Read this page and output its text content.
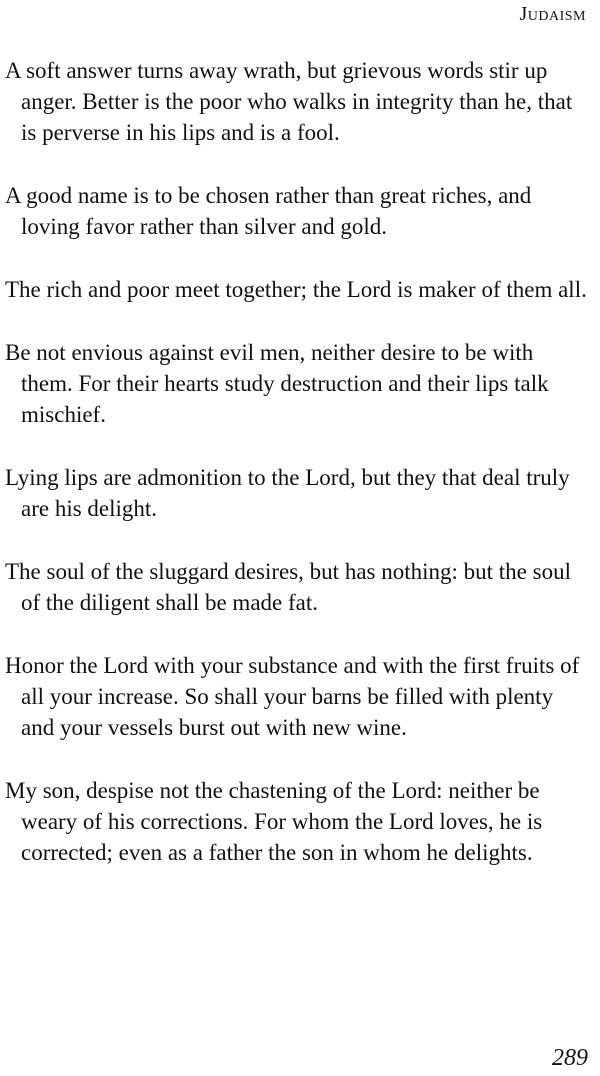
Judaism

A soft answer turns away wrath, but grievous words stir up anger. Better is the poor who walks in integrity than he, that is perverse in his lips and is a fool.

A good name is to be chosen rather than great riches, and loving favor rather than silver and gold.

The rich and poor meet together; the Lord is maker of them all.

Be not envious against evil men, neither desire to be with them. For their hearts study destruction and their lips talk mischief.

Lying lips are admonition to the Lord, but they that deal truly are his delight.

The soul of the sluggard desires, but has nothing: but the soul of the diligent shall be made fat.

Honor the Lord with your substance and with the first fruits of all your increase. So shall your barns be filled with plenty and your vessels burst out with new wine.

My son, despise not the chastening of the Lord: neither be weary of his corrections. For whom the Lord loves, he is corrected; even as a father the son in whom he delights.

289
